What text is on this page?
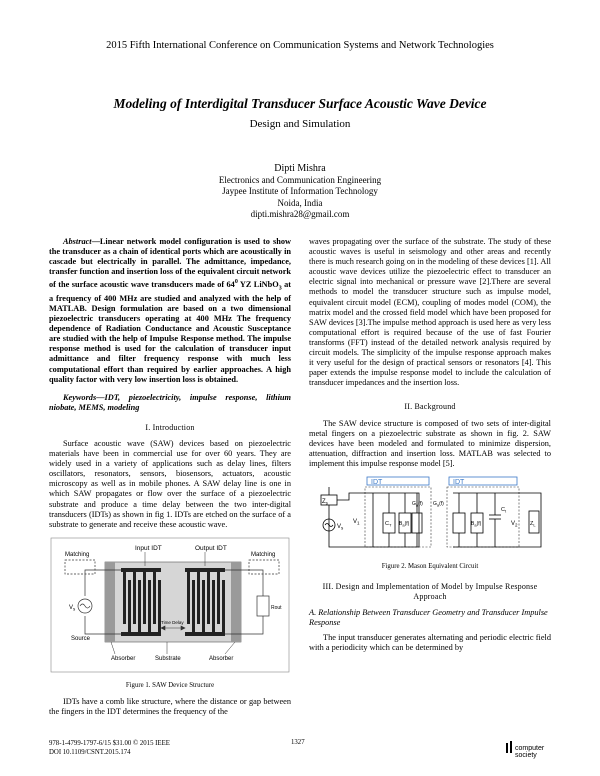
2015 Fifth International Conference on Communication Systems and Network Technologies
Modeling of Interdigital Transducer Surface Acoustic Wave Device
Design and Simulation
Dipti Mishra
Electronics and Communication Engineering
Jaypee Institute of Information Technology
Noida, India
dipti.mishra28@gmail.com

Abstract—Linear network model configuration is used to show the transducer as a chain of identical ports which are acoustically in cascade but electrically in parallel. The admittance, impedance, transfer function and insertion loss of the equivalent circuit network of the surface acoustic wave transducers made of $64^0$ YZ LiNbO$_3$ at a frequency of 400 MHz are studied and analyzed with the help of MATLAB. Design formulation are based on a two dimensional piezoelectric transducers operating at 400 MHz The frequency dependence of Radiation Conductance and Acoustic Susceptance are studied with the help of Impulse Response method. The impulse response method is used for the calculation of transducer input admittance and filter frequency response with much less computational effort than required by earlier approaches. A high quality factor with very low insertion loss is obtained.

Keywords—IDT, piezoelectricity, impulse response, lithium niobate, MEMS, modeling

I. Introduction

Surface acoustic wave (SAW) devices based on piezoelectric materials have been in commercial use for over 60 years. They are widely used in a variety of applications such as delay lines, filters oscillators, resonators, sensors, biosensors, actuators, acoustic microscopy as well as in mobile phones. A SAW delay line is one in which SAW propagates or flow over the surface of a piezoelectric substrate and produce a time delay between the two inter-digital transducers (IDTs) as shown in fig 1. IDTs are etched on the surface of a substrate to generate and receive these acoustic wave.

Input IDT	Output IDT
Matching	Matching
$V_s$
Source
Rout
Time Delay
Absorber	Substrate	Absorber
Figure 1. SAW Device Structure

IDTs have a comb like structure, where the distance or gap between the fingers in the IDT determines the frequency of the

waves propagating over the surface of the substrate. The study of these acoustic waves is useful in seismology and other areas and recently there is much research going on in the modeling of these devices [1]. All acoustic wave devices utilize the piezoelectric effect to transducer an electric signal into mechanical or pressure wave [2].There are several methods to model the transducer structure such as impulse model, equivalent circuit model (ECM), coupling of modes model (COM), the matrix model and the crossed field model which have been proposed for SAW devices [3].The impulse method approach is used here as very less computational effort is required because of the use of fast Fourier transforms (FFT) instead of the detailed network analysis required by circuit models. The simplicity of the impulse response approach makes it very useful for the design of practical sensors or resonators [4]. This paper extends the impulse response model to include the calculation of transducer impedances and the insertion loss.

II. Background

The SAW device structure is composed of two sets of inter-digital metal fingers on a piezoelectric substrate as shown in fig. 2. SAW devices have been modeled and formulated to minimize dispersion, attenuation, diffraction and insertion loss. MATLAB was selected to implement this impulse response model [5].

IDT	IDT
$Z_s$
$V_s$
$V_1$	$C_T$ $B_a(f)$
$G_a(f)$ $G_a(f)$
$B_a(f)$
$C_t$
$V_2$ $Z_L$
Figure 2. Mason Equivalent Circuit
III. Design and Implementation of Model by Impulse Response Approach
A. Relationship Between Transducer Geometry and Transducer Impulse Response

The input transducer generates alternating and periodic electric field with a periodicity which can be determined by

978-1-4799-1797-6/15 $31.00 © 2015 IEEE
DOI 10.1109/CSNT.2015.174
1327
computer
society
